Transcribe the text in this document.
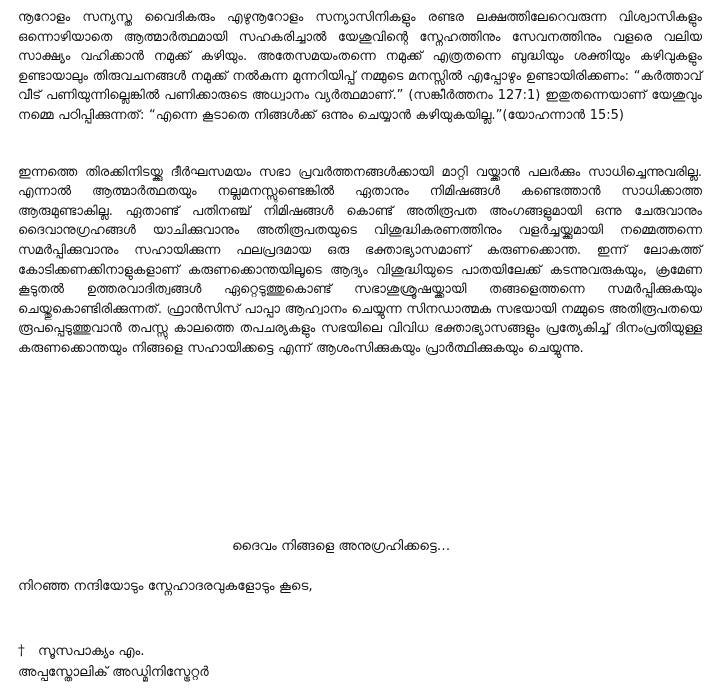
നൂറോളം സന്യസ്ത വൈദികരും എഴുനൂറോളം സന്യാസിനികളും രണ്ടര ലക്ഷത്തിലേറെവരുന്ന വിശ്വാസികളും ഒന്നൊഴിയാതെ ആത്മാർത്ഥമായി സഹകരിച്ചാൽ യേശുവിന്റെ സ്നേഹത്തിനും സേവനത്തിനും വളരെ വലിയ സാക്ഷ്യം വഹിക്കാൻ നമുക്ക് കഴിയും. അതേസമയംതന്നെ നമുക്ക് എത്രതന്നെ ബുദ്ധിയും ശക്തിയും കഴിവുകളും ഉണ്ടായാലും തിരുവചനങ്ങൾ നമുക്ക് നൽകുന്ന മുന്നറിയിപ്പ് നമ്മുടെ മനസ്സിൽ എപ്പോഴും ഉണ്ടായിരിക്കണം: “കർത്താവ് വീട് പണിയുന്നില്ലെങ്കിൽ പണിക്കാരുടെ അധ്വാനം വ്യർത്ഥമാണ്.” (സങ്കീർത്തനം 127:1) ഇതുതന്നെയാണ് യേശുവും നമ്മെ പഠിപ്പിക്കുന്നത്: “എന്നെ കൂടാതെ നിങ്ങൾക്ക് ഒന്നും ചെയ്യാൻ കഴിയുകയില്ല.”(യോഹന്നാൻ 15:5)

ഇന്നത്തെ തിരക്കിനിടയ്ക്കു ദീർഘസമയം സഭാ പ്രവർത്തനങ്ങൾക്കായി മാറ്റി വയ്ക്കാൻ പലർക്കും സാധിച്ചെന്നുവരില്ല. എന്നാൽ ആത്മാർത്ഥതയും നല്ലമനസ്സുണ്ടെങ്കിൽ ഏതാനും നിമിഷങ്ങൾ കണ്ടെത്താൻ സാധിക്കാത്ത ആരുമുണ്ടാകില്ല. ഏതാണ്ട് പതിനഞ്ച് നിമിഷങ്ങൾ കൊണ്ട് അതിരൂപത അംഗങ്ങളുമായി ഒന്നു ചേരുവാനും ദൈവാനുഗ്രഹങ്ങൾ യാചിക്കുവാനും അതിരൂപതയുടെ വിശുദ്ധികരണത്തിനും വളർച്ചയ്ക്കുമായി നമ്മെത്തന്നെ സമർപ്പിക്കുവാനും സഹായിക്കുന്ന ഫലപ്രദമായ ഒരു ഭക്താഭ്യാസമാണ് കരുണക്കൊന്ത. ഇന്ന് ലോകത്ത് കോടിക്കണക്കിനാളുകളാണ് കരുണക്കൊന്തയിലൂടെ ആദ്യം വിശുദ്ധിയുടെ പാതയിലേക്ക് കടന്നുവരുകയും, ക്രമേണ കൂടുതൽ ഉത്തരവാദിത്വങ്ങൾ ഏറ്റെടുത്തുകൊണ്ട് സഭാശുശ്രൂഷയ്ക്കായി തങ്ങളെത്തന്നെ സമർപ്പിക്കുകയും ചെയ്തുകൊണ്ടിരിക്കുന്നത്. ഫ്രാൻസിസ് പാപ്പാ ആഹ്വാനം ചെയ്യുന്ന സിനഡാത്മക സഭയായി നമ്മുടെ അതിരൂപതയെ രൂപപ്പെടുത്തുവാൻ തപസ്സു കാലത്തെ തപചര്യകളും സഭയിലെ വിവിധ ഭക്താഭ്യാസങ്ങളും പ്രത്യേകിച്ച് ദിനംപ്രതിയുള്ള കരുണക്കൊന്തയും നിങ്ങളെ സഹായിക്കട്ടെ എന്ന് ആശംസിക്കുകയും പ്രാർത്ഥിക്കുകയും ചെയ്യുന്നു.

ദൈവം നിങ്ങളെ അനുഗ്രഹിക്കട്ടെ…

നിറഞ്ഞ നന്ദിയോടും സ്നേഹാദരവുകളോടും കൂടെ,

† സൂസപാക്യം എം.
അപ്പസ്തോലിക് അഡ്മിനിസ്ട്രേറ്റർ
